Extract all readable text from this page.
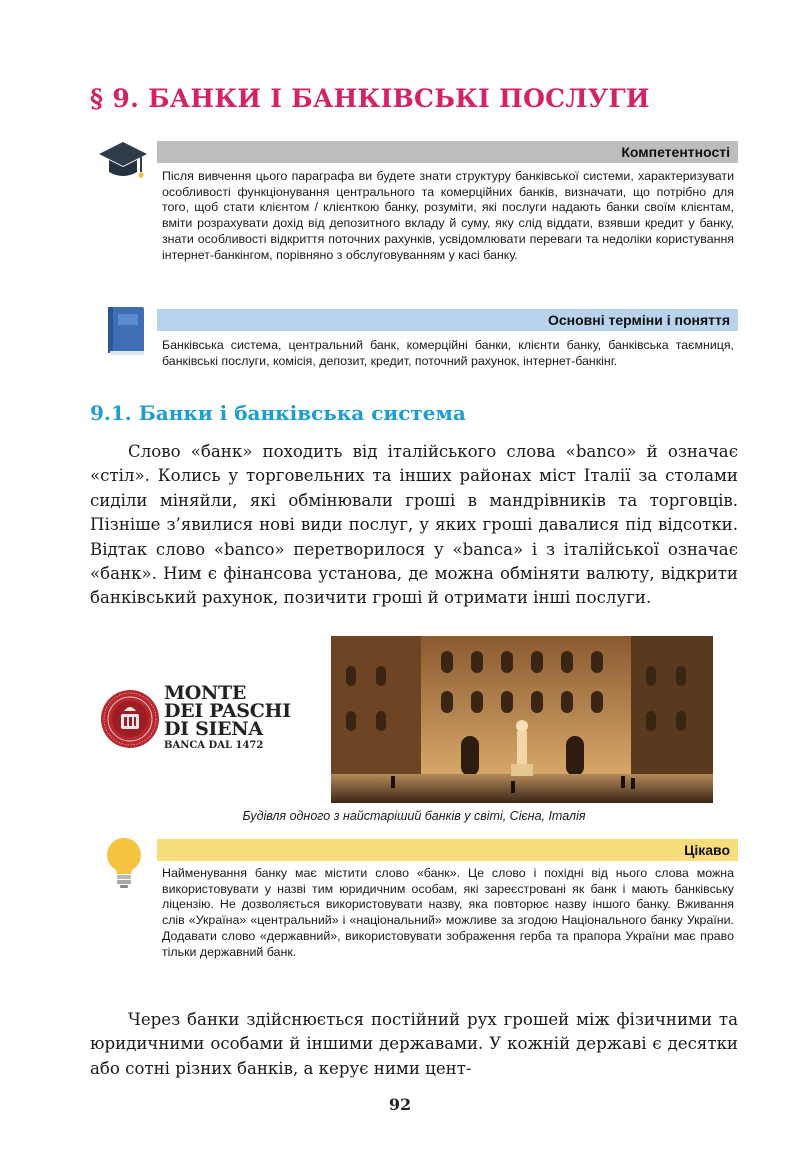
§ 9. БАНКИ І БАНКІВСЬКІ ПОСЛУГИ
Компетентності
Після вивчення цього параграфа ви будете знати структуру банківської системи, характеризувати особливості функціонування центрального та комерційних банків, визначати, що потрібно для того, щоб стати клієнтом / клієнткою банку, розуміти, які послуги надають банки своїм клієнтам, вміти розрахувати дохід від депозитного вкладу й суму, яку слід віддати, взявши кредит у банку, знати особливості відкриття поточних рахунків, усвідомлювати переваги та недоліки користування інтернет-банкінгом, порівняно з обслуговуванням у касі банку.
Основні терміни і поняття
Банківська система, центральний банк, комерційні банки, клієнти банку, банківська таємниця, банківські послуги, комісія, депозит, кредит, поточний рахунок, інтернет-банкінг.
9.1. Банки і банківська система
Слово «банк» походить від італійського слова «banco» й означає «стіл». Колись у торговельних та інших районах міст Італії за столами сиділи міняйли, які обмінювали гроші в мандрівників та торговців. Пізніше з’явилися нові види послуг, у яких гроші давалися під відсотки. Відтак слово «banco» перетворилося у «banca» і з італійської означає «банк». Ним є фінансова установа, де можна обміняти валюту, відкрити банківський рахунок, позичити гроші й отримати інші послуги.
MONTE
DEI PASCHI
DI SIENA
BANCA DAL 1472
Будівля одного з найстаріший банків у світі, Сієна, Італія
Цікаво
Найменування банку має містити слово «банк». Це слово і похідні від нього слова можна використовувати у назві тим юридичним особам, які зареєстровані як банк і мають банківську ліцензію. Не дозволяється використовувати назву, яка повторює назву іншого банку. Вживання слів «Україна» «центральний» і «національний» можливе за згодою Національного банку України. Додавати слово «державний», використовувати зображення герба та прапора України має право тільки державний банк.
Через банки здійснюється постійний рух грошей між фізичними та юридичними особами й іншими державами. У кожній державі є десятки або сотні різних банків, а керує ними цент-
92
